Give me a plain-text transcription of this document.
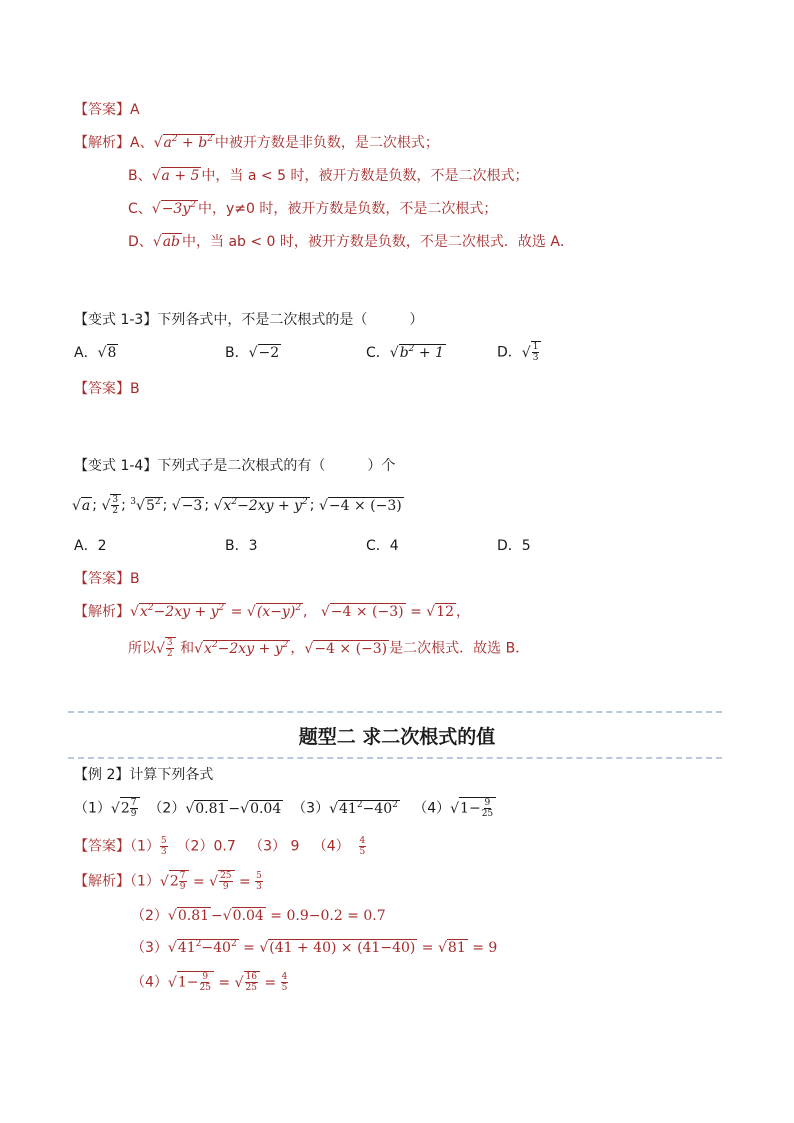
【答案】A
【解析】A、$√a^2 + b^2$ 中被开方数是非负数，是二次根式；
B、√a + 5 中，当 a < 5 时，被开方数是负数，不是二次根式；
C、$√-3y^2$ 中，y≠0 时，被开方数是负数，不是二次根式；
D、√ab 中，当 ab < 0 时，被开方数是负数，不是二次根式．故选 A．
【变式 1-3】下列各式中，不是二次根式的是（　　　）
A．√8	B．√−2	C．$√b^2 + 1$	D．√ $\frac{1}{3}$
【答案】B
【变式 1-4】下列式子是二次根式的有（　　　）个
√a ; √ $\frac{3}{2}$ ; $^3√5^2$ ; √−3 ; $√x^2-2xy + y^2$ ; √−4 × (−3)
A．2	B．3	C．4	D．5
【答案】B
【解析】$√x^2-2xy + y^2 = √(x-y)^2$ ,   √−4 × (−3) = √12 ，
所以√ $\frac{3}{2}$ 和$√x^2-2xy + y^2$ ，√−4 × (−3) 是二次根式．故选 B．
题型二 求二次根式的值
【例 2】计算下列各式
$(1)√2 \frac{7}{9} (2)√0.81 -√0.04$ $(3)√41^2-40^2$ $(4)√1- \frac{9}{25}$
【答案】$(1) \frac{5}{3} (2)0.7$ （3） 9 $(4) \frac{4}{5}$
【解析】$(1)√2 \frac{7}{9}$ = √ $\frac{25}{9} = \frac{5}{3}$
（2）√0.81 −√0.04 = 0.9−0.2 = 0.7
$(3)√41^2-40^2 = √(41 + 40) \times (41-40) = √81 = 9$
$(4)√1- \frac{9}{25}$ = √ $\frac{16}{25} = \frac{4}{5}$
